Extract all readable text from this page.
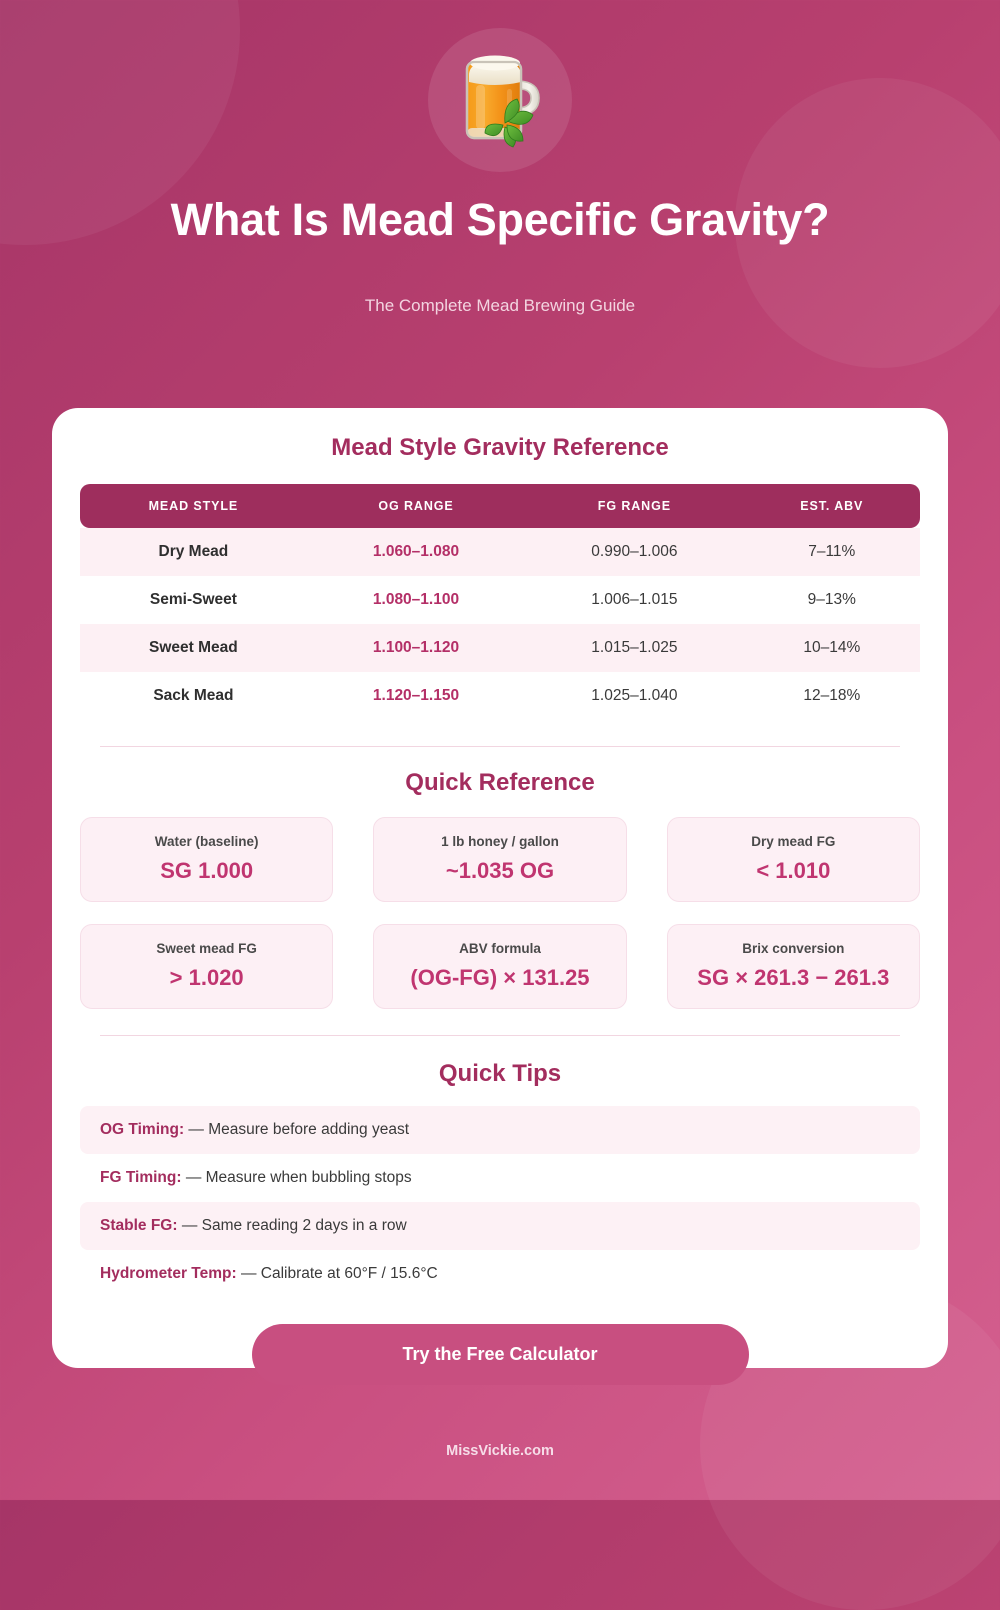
What Is Mead Specific Gravity?
The Complete Mead Brewing Guide
Mead Style Gravity Reference
MEAD STYLE	OG RANGE	FG RANGE	EST. ABV
Dry Mead	1.060–1.080	0.990–1.006	7–11%
Semi-Sweet	1.080–1.100	1.006–1.015	9–13%
Sweet Mead	1.100–1.120	1.015–1.025	10–14%
Sack Mead	1.120–1.150	1.025–1.040	12–18%
Quick Reference
Water (baseline)
SG 1.000
1 lb honey / gallon
~1.035 OG
Dry mead FG
< 1.010
Sweet mead FG
> 1.020
ABV formula
(OG-FG) × 131.25
Brix conversion
SG × 261.3 − 261.3
Quick Tips
OG Timing: — Measure before adding yeast
FG Timing: — Measure when bubbling stops
Stable FG: — Same reading 2 days in a row
Hydrometer Temp: — Calibrate at 60°F / 15.6°C
Try the Free Calculator
MissVickie.com
